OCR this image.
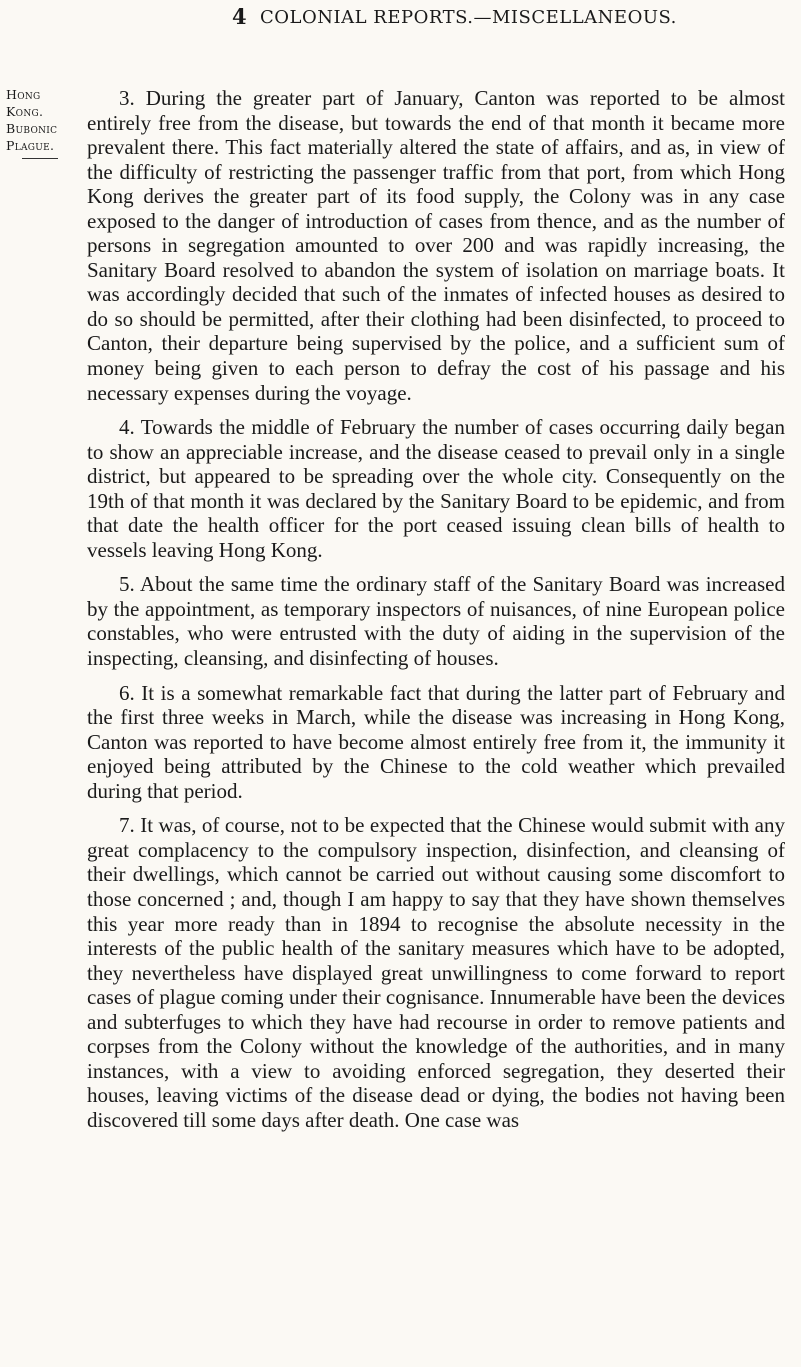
4 COLONIAL REPORTS.—MISCELLANEOUS.
Hong Kong.
Bubonic
Plague.

3. During the greater part of January, Canton was reported to be almost entirely free from the disease, but towards the end of that month it became more prevalent there. This fact materially altered the state of affairs, and as, in view of the difficulty of restricting the passenger traffic from that port, from which Hong Kong derives the greater part of its food supply, the Colony was in any case exposed to the danger of introduction of cases from thence, and as the number of persons in segregation amounted to over 200 and was rapidly increasing, the Sanitary Board resolved to abandon the system of isolation on marriage boats. It was accordingly decided that such of the inmates of infected houses as desired to do so should be permitted, after their clothing had been disinfected, to proceed to Canton, their departure being supervised by the police, and a sufficient sum of money being given to each person to defray the cost of his passage and his necessary expenses during the voyage.

4. Towards the middle of February the number of cases occurring daily began to show an appreciable increase, and the disease ceased to prevail only in a single district, but appeared to be spreading over the whole city. Consequently on the 19th of that month it was declared by the Sanitary Board to be epidemic, and from that date the health officer for the port ceased issuing clean bills of health to vessels leaving Hong Kong.

5. About the same time the ordinary staff of the Sanitary Board was increased by the appointment, as temporary inspectors of nuisances, of nine European police constables, who were entrusted with the duty of aiding in the supervision of the inspecting, cleansing, and disinfecting of houses.

6. It is a somewhat remarkable fact that during the latter part of February and the first three weeks in March, while the disease was increasing in Hong Kong, Canton was reported to have become almost entirely free from it, the immunity it enjoyed being attributed by the Chinese to the cold weather which prevailed during that period.

7. It was, of course, not to be expected that the Chinese would submit with any great complacency to the compulsory inspection, disinfection, and cleansing of their dwellings, which cannot be carried out without causing some discomfort to those concerned ; and, though I am happy to say that they have shown themselves this year more ready than in 1894 to recognise the absolute necessity in the interests of the public health of the sanitary measures which have to be adopted, they nevertheless have displayed great unwillingness to come forward to report cases of plague coming under their cognisance. Innumerable have been the devices and subterfuges to which they have had recourse in order to remove patients and corpses from the Colony without the knowledge of the authorities, and in many instances, with a view to avoiding enforced segregation, they deserted their houses, leaving victims of the disease dead or dying, the bodies not having been discovered till some days after death. One case was
